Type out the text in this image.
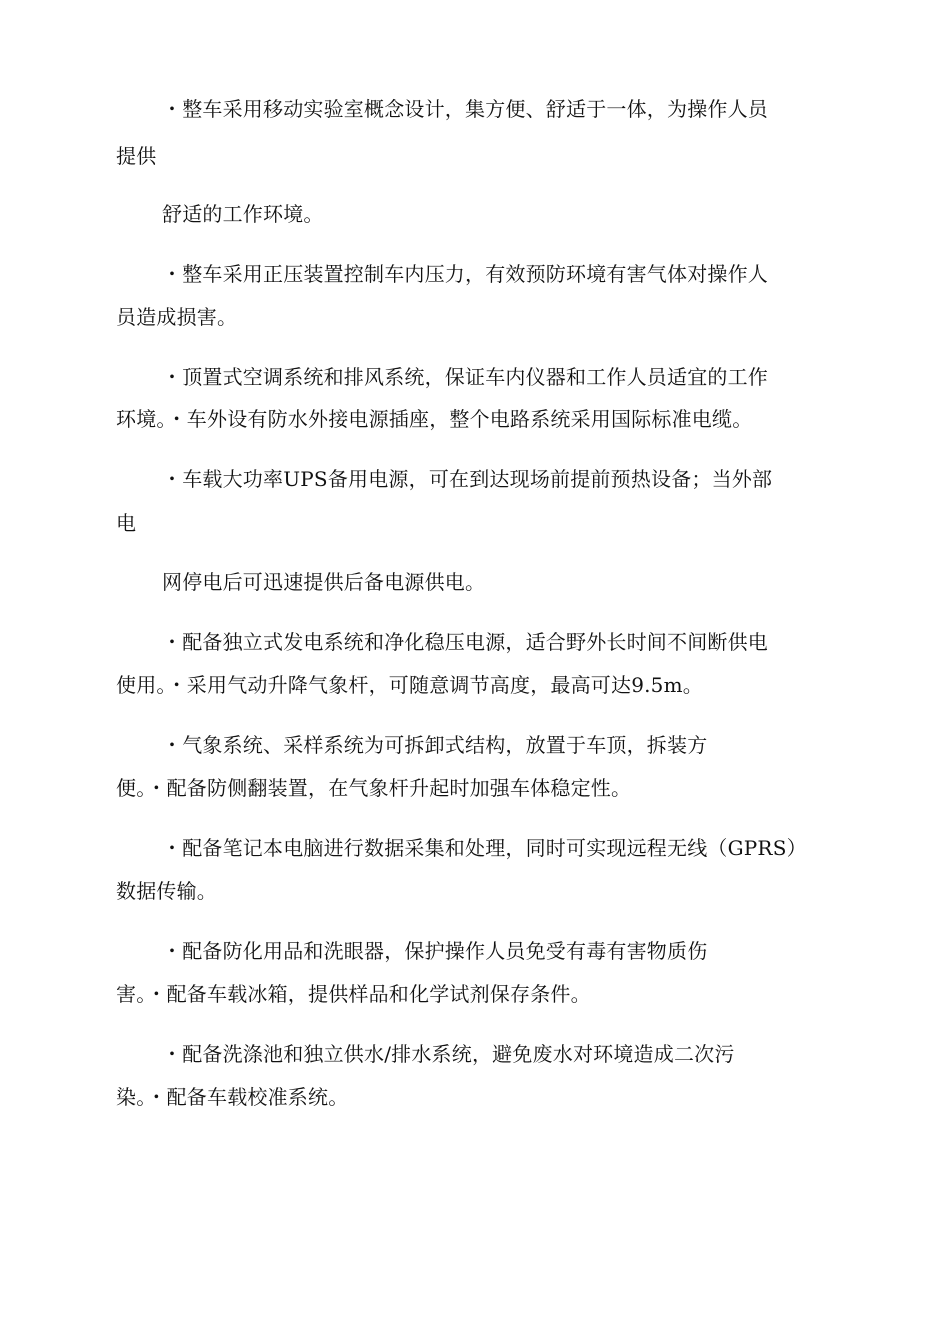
・整车采用移动实验室概念设计，集方便、舒适于一体，为操作人员
提供
舒适的工作环境。
・整车采用正压装置控制车内压力，有效预防环境有害气体对操作人
员造成损害。
・顶置式空调系统和排风系统，保证车内仪器和工作人员适宜的工作
环境。・车外设有防水外接电源插座，整个电路系统采用国际标准电缆。
・车载大功率UPS备用电源，可在到达现场前提前预热设备；当外部
电
网停电后可迅速提供后备电源供电。
・配备独立式发电系统和净化稳压电源，适合野外长时间不间断供电
使用。・采用气动升降气象杆，可随意调节高度，最高可达9.5m。
・气象系统、采样系统为可拆卸式结构，放置于车顶，拆装方
便。・配备防侧翻装置，在气象杆升起时加强车体稳定性。
・配备笔记本电脑进行数据采集和处理，同时可实现远程无线（GPRS）
数据传输。
・配备防化用品和洗眼器，保护操作人员免受有毒有害物质伤
害。・配备车载冰箱，提供样品和化学试剂保存条件。
・配备洗涤池和独立供水/排水系统，避免废水对环境造成二次污
染。・配备车载校准系统。
